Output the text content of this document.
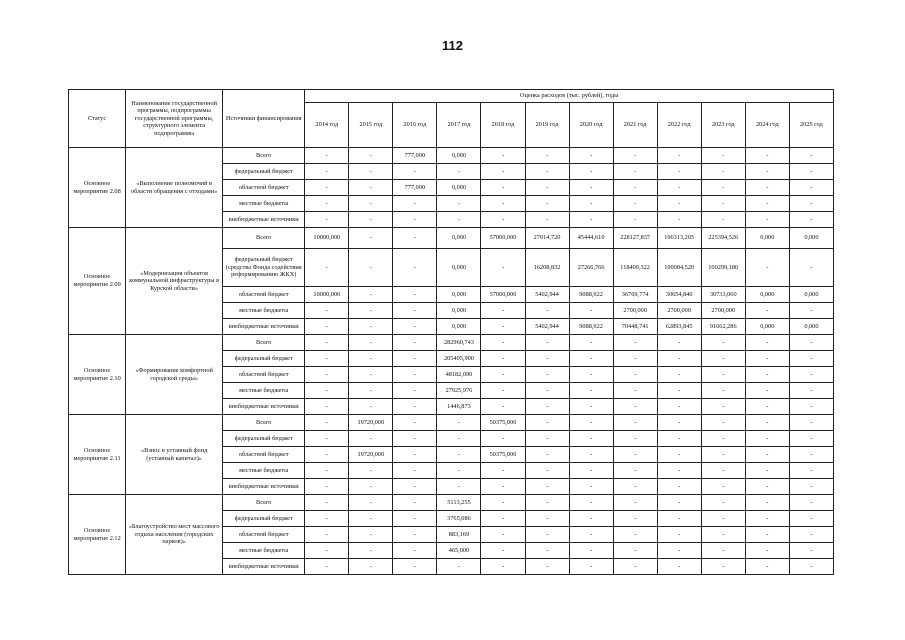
112
Статус	Наименование государственной программы, подпрограммы государственной программы, структурного элемента подпрограммы	Источники финансирования	Оценка расходов (тыс. рублей), годы											
			2014 год	2015 год	2016 год	2017 год	2018 год	2019 год	2020 год	2021 год	2022 год	2023 год	2024 год	2025 год
Основное мероприятие 2.08	«Выполнение полномочий в области обращения с отходами»	Всего	-	-	777,000	0,000	-	-	-	-	-	-	-	-
		федеральный бюджет	-	-	-	-	-	-	-	-	-	-	-	-
		областной бюджет	-	-	777,000	0,000	-	-	-	-	-	-	-	-
		местные бюджеты	-	-	-	-	-	-	-	-	-	-	-	-
		внебюджетные источники	-	-	-	-	-	-	-	-	-	-	-	-
Основное мероприятие 2.09	«Модернизация объектов коммунальной инфраструктуры в Курской области»	Всего	10000,000	-	-	0,000	57000,000	27014,720	45444,610	228127,837	196313,205	225394,526	0,000	0,000
		федеральный бюджет (средства Фонда содействия реформированию ЖКХ)	-	-	-	0,000	-	16208,832	27266,766	118409,322	100084,520	100299,180	-	-
		областной бюджет	10000,000	-	-	0,000	57000,000	5402,944	9088,922	36769,774	30654,840	30733,060	0,000	0,000
		местные бюджеты	-	-	-	0,000	-	-	-	2700,000	2700,000	2700,000	-	-
		внебюджетные источники	-	-	-	0,000	-	5402,944	9088,922	70448,741	62893,845	91662,286	0,000	0,000
Основное мероприятие 2.10	«Формирование комфортной городской среды»	Всего	-	-	-	282960,743	-	-	-	-	-	-	-	-
		федеральный бюджет	-	-	-	205405,900	-	-	-	-	-	-	-	-
		областной бюджет	-	-	-	48182,090	-	-	-	-	-	-	-	-
		местные бюджеты	-	-	-	27925,976	-	-	-	-	-	-	-	-
		внебюджетные источники	-	-	-	1446,873	-	-	-	-	-	-	-	-
Основное мероприятие 2.11	«Взнос в уставный фонд (уставный капитал)»	Всего	-	19720,000	-	-	50375,000	-	-	-	-	-	-	-
		федеральный бюджет	-	-	-	-	-	-	-	-	-	-	-	-
		областной бюджет	-	19720,000	-	-	50375,000	-	-	-	-	-	-	-
		местные бюджеты	-	-	-	-	-	-	-	-	-	-	-	-
		внебюджетные источники	-	-	-	-	-	-	-	-	-	-	-	-
Основное мероприятие 2.12	«Благоустройство мест массового отдыха населения (городских парков)»	Всего	-	-	-	5113,255	-	-	-	-	-	-	-	-
		федеральный бюджет	-	-	-	3765,086	-	-	-	-	-	-	-	-
		областной бюджет	-	-	-	883,169	-	-	-	-	-	-	-	-
		местные бюджеты	-	-	-	465,000	-	-	-	-	-	-	-	-
		внебюджетные источники	-	-	-	-	-	-	-	-	-	-	-	-
